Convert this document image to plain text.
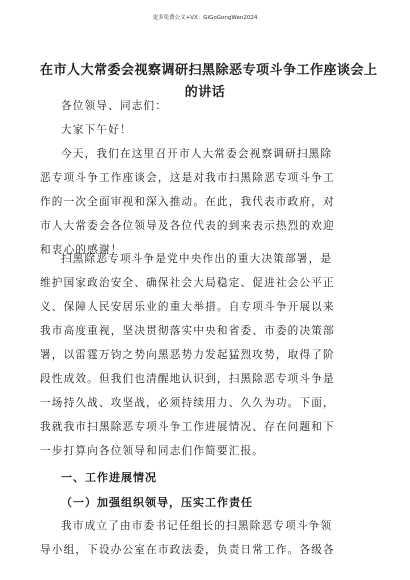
更多免费公文+VX：GiGoGongWen2024
在市人大常委会视察调研扫黑除恶专项斗争工作座谈会上
的讲话
各位领导、同志们：
大家下午好！
今天，我们在这里召开市人大常委会视察调研扫黑除
恶专项斗争工作座谈会，这是对我市扫黑除恶专项斗争工
作的一次全面审视和深入推动。在此，我代表市政府，对
市人大常委会各位领导及各位代表的到来表示热烈的欢迎
和衷心的感谢！
扫黑除恶专项斗争是党中央作出的重大决策部署，是
维护国家政治安全、确保社会大局稳定、促进社会公平正
义、保障人民安居乐业的重大举措。自专项斗争开展以来
我市高度重视，坚决贯彻落实中央和省委、市委的决策部
署，以雷霆万钧之势向黑恶势力发起猛烈攻势，取得了阶
段性成效。但我们也清醒地认识到，扫黑除恶专项斗争是
一场持久战、攻坚战，必须持续用力、久久为功。下面，
我就我市扫黑除恶专项斗争工作进展情况、存在问题和下
一步打算向各位领导和同志们作简要汇报。
一、工作进展情况
（一）加强组织领导，压实工作责任
我市成立了由市委书记任组长的扫黑除恶专项斗争领
导小组，下设办公室在市政法委，负责日常工作。各级各
